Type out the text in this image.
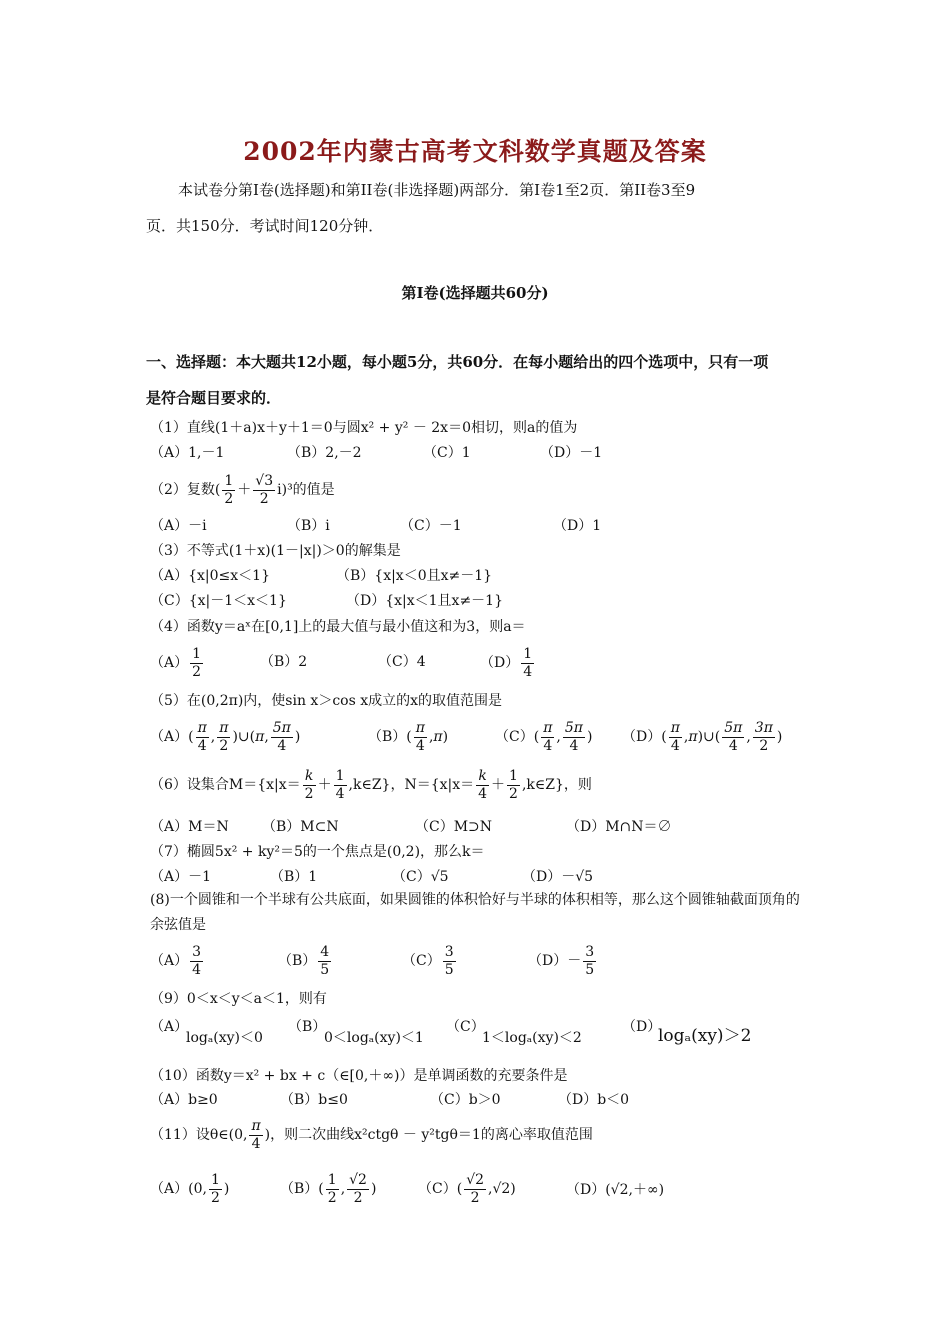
2002年内蒙古高考文科数学真题及答案
本试卷分第Ⅰ卷(选择题)和第II卷(非选择题)两部分．第Ⅰ卷1至2页．第II卷3至9
页．共150分．考试时间120分钟．
第Ⅰ卷(选择题共60分)
一、选择题：本大题共12小题，每小题5分，共60分．在每小题给出的四个选项中，只有一项
是符合题目要求的．
（1）直线(1＋a)x＋y＋1＝0与圆x² + y² － 2x＝0相切，则a的值为
（A）1,－1	（B）2,－2	（C）1	（D）－1
（2）复数( $\frac{1}{2} + \frac{√3}{2} i)^3$的值是
（A）－i	（B）i	（C）－1	（D）1
（3）不等式(1＋x)(1－|x|)＞0的解集是
（A）{x|0≤x＜1}	（B）{x|x＜0且x≠－1}
（C）{x|－1＜x＜1}	（D）{x|x＜1且x≠－1}
（4）函数y＝aˣ在[0,1]上的最大值与最小值这和为3，则a＝
$(A) \frac{1}{2}$	（B）2	（C）4	$(D) \frac{1}{4}$
（5）在(0,2π)内，使sin x＞cos x成立的x的取值范围是
$(A)( \frac{\pi}{4}$ , $\frac{\pi}{2}$ )∪(π, $\frac{5\pi}{4}$ )	$(B)( \frac{\pi}{4} ,\pi)$	$(C)( \frac{\pi}{4}$ , $\frac{5\pi}{4}$ ) $(D)( \frac{\pi}{4}$ ,π)∪( $\frac{5\pi}{4}$ , $\frac{3\pi}{2}$ )
（6）设集合$M=\{x|x= \frac{k}{2} + \frac{1}{4}$ ,k∈Z}，$N=\{x|x= \frac{k}{4} + \frac{1}{2}$ ,k∈Z}，则
（A）M＝N （B）M⊂N	（C）M⊃N	（D）M∩N＝∅
（7）椭圆5x² + ky²＝5的一个焦点是(0,2)，那么k＝
（A）－1	（B）1	（C）√5	（D）－√5
(8)一个圆锥和一个半球有公共底面，如果圆锥的体积恰好与半球的体积相等，那么这个圆锥轴截面顶角的余弦值是
$(A) \frac{3}{4}$	$(B) \frac{4}{5}$	$(C) \frac{3}{5}$	$(D)- \frac{3}{5}$
（9）0＜x＜y＜a＜1，则有
（A）
logₐ(xy)＜0
（B）
0＜logₐ(xy)＜1
（C）
1＜logₐ(xy)＜2
（D）
logₐ(xy)＞2
（10）函数y＝x² + bx + c（∈[0,＋∞)）是单调函数的充要条件是
（A）b≥0	（B）b≤0	（C）b＞0	（D）b＜0
（11）设θ∈(0, $\frac{\pi}{4}$ )，则二次曲线x²ctgθ － y²tgθ＝1的离心率取值范围
（A）(0, $\frac{1}{2}$ )	$(B)( \frac{1}{2}$ , $\frac{√2}{2}$ )	$(C)( \frac{√2}{2} ,√2)$	（D）(√2,＋∞)
